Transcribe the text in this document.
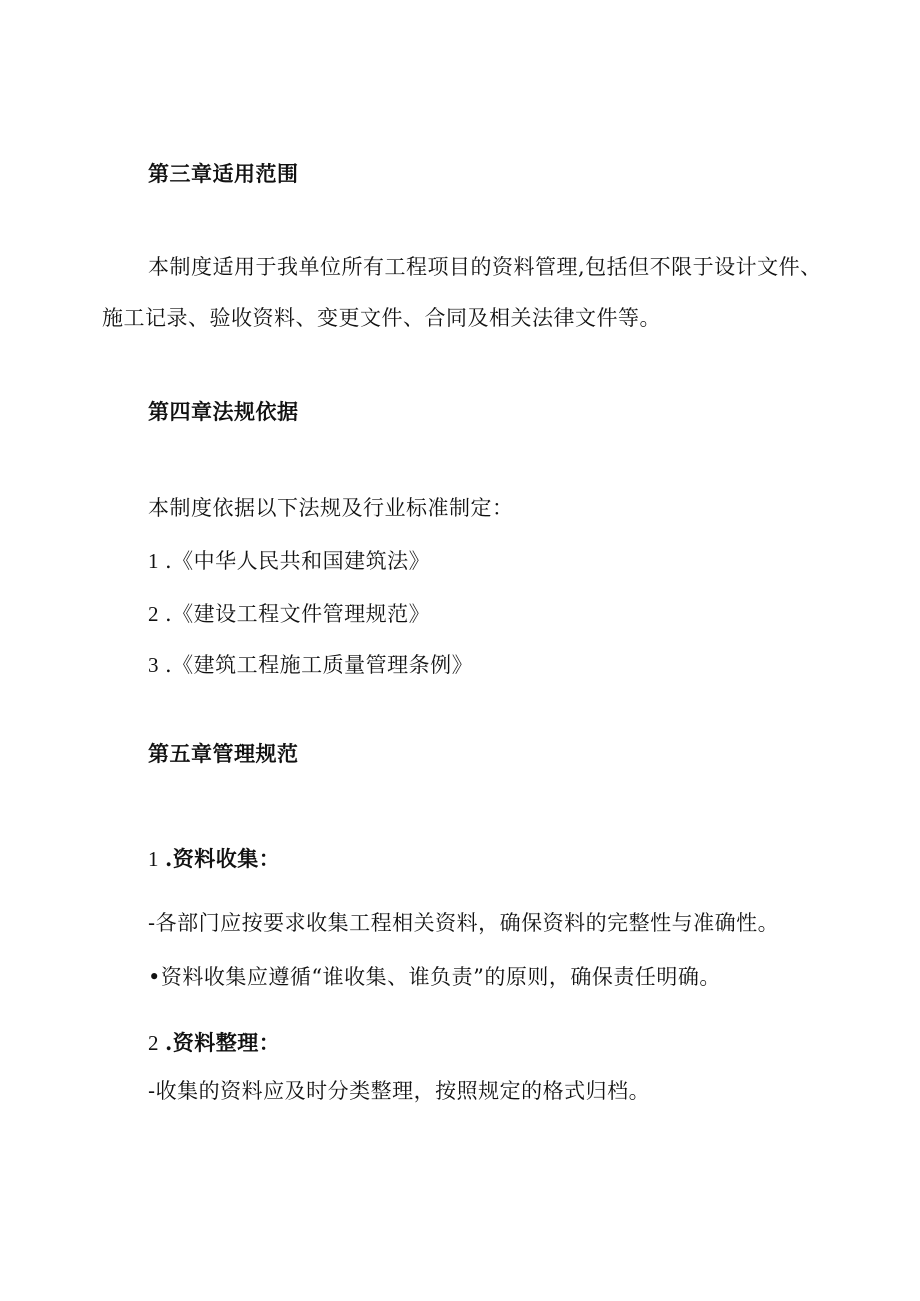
第三章适用范围
本制度适用于我单位所有工程项目的资料管理,包括但不限于设计文件、
施工记录、验收资料、变更文件、合同及相关法律文件等。
第四章法规依据
本制度依据以下法规及行业标准制定：
1 .《中华人民共和国建筑法》
2 .《建设工程文件管理规范》
3 .《建筑工程施工质量管理条例》
第五章管理规范
1 .资料收集：
-各部门应按要求收集工程相关资料，确保资料的完整性与准确性。
•资料收集应遵循“谁收集、谁负责”的原则，确保责任明确。
2 .资料整理：
-收集的资料应及时分类整理，按照规定的格式归档。
